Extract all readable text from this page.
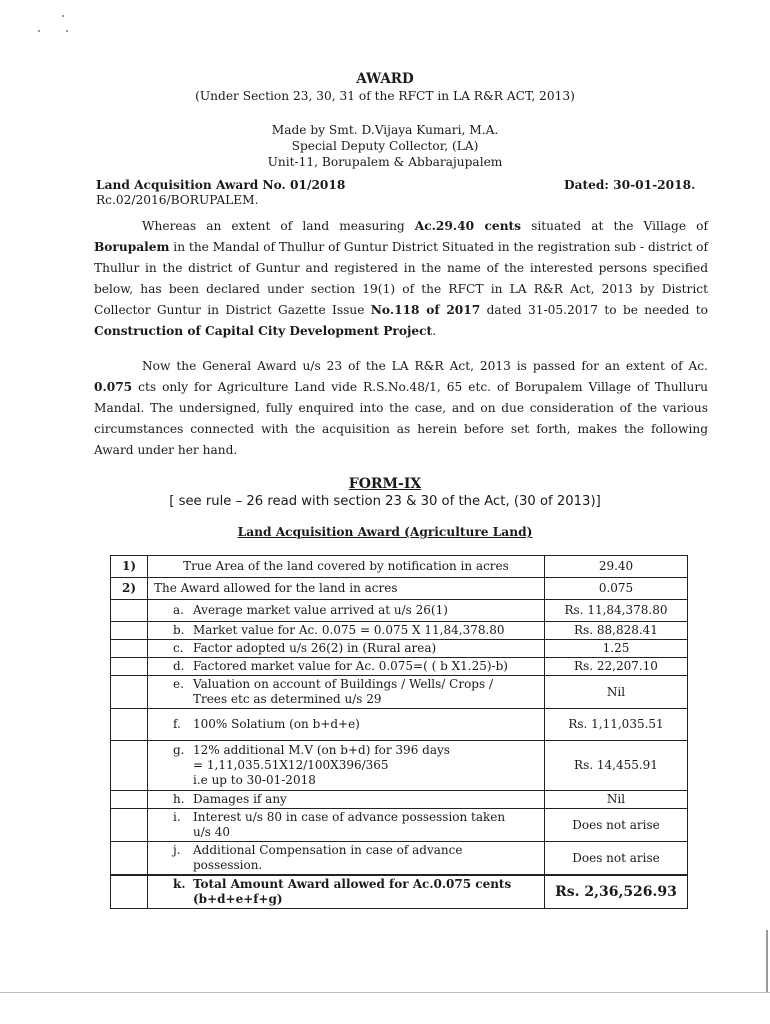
AWARD
(Under Section 23, 30, 31 of the RFCT in LA R&R ACT, 2013)
Made by Smt. D.Vijaya Kumari, M.A.
Special Deputy Collector, (LA)
Unit-11, Borupalem & Abbarajupalem
Land Acquisition Award No. 01/2018
Rc.02/2016/BORUPALEM.
Dated: 30-01-2018.
Whereas an extent of land measuring Ac.29.40 cents situated at the Village of Borupalem in the Mandal of Thullur of Guntur District Situated in the registration sub - district of Thullur in the district of Guntur and registered in the name of the interested persons specified below, has been declared under section 19(1) of the RFCT in LA R&R Act, 2013 by District Collector Guntur in District Gazette Issue No.118 of 2017 dated 31-05.2017 to be needed to Construction of Capital City Development Project.
Now the General Award u/s 23 of the LA R&R Act, 2013 is passed for an extent of Ac. 0.075 cts only for Agriculture Land vide R.S.No.48/1, 65 etc. of Borupalem Village of Thulluru Mandal. The undersigned, fully enquired into the case, and on due consideration of the various circumstances connected with the acquisition as herein before set forth, makes the following Award under her hand.
FORM-IX
[ see rule – 26 read with section 23 & 30 of the Act, (30 of 2013)]
Land Acquisition Award (Agriculture Land)
1)	True Area of the land covered by notification in acres	29.40
2)	The Award allowed for the land in acres	0.075
	a. Average market value arrived at u/s 26(1)	Rs. 11,84,378.80
	b. Market value for Ac. 0.075 = 0.075 X 11,84,378.80	Rs. 88,828.41
	c. Factor adopted u/s 26(2) in (Rural area)	1.25
	d. Factored market value for Ac. 0.075=( ( b X1.25)-b)	Rs. 22,207.10
	e. Valuation on account of Buildings / Wells/ Crops /
Trees etc as determined u/s 29	Nil
	f. 100% Solatium (on b+d+e)	Rs. 1,11,035.51
	g. 12% additional M.V (on b+d) for 396 days
= 1,11,035.51X12/100X396/365
i.e up to 30-01-2018	Rs. 14,455.91
	h. Damages if any	Nil
	i. Interest u/s 80 in case of advance possession taken
u/s 40	Does not arise
	j. Additional Compensation in case of advance
possession.	Does not arise
	k. Total Amount Award allowed for Ac.0.075 cents
(b+d+e+f+g)	Rs. 2,36,526.93
